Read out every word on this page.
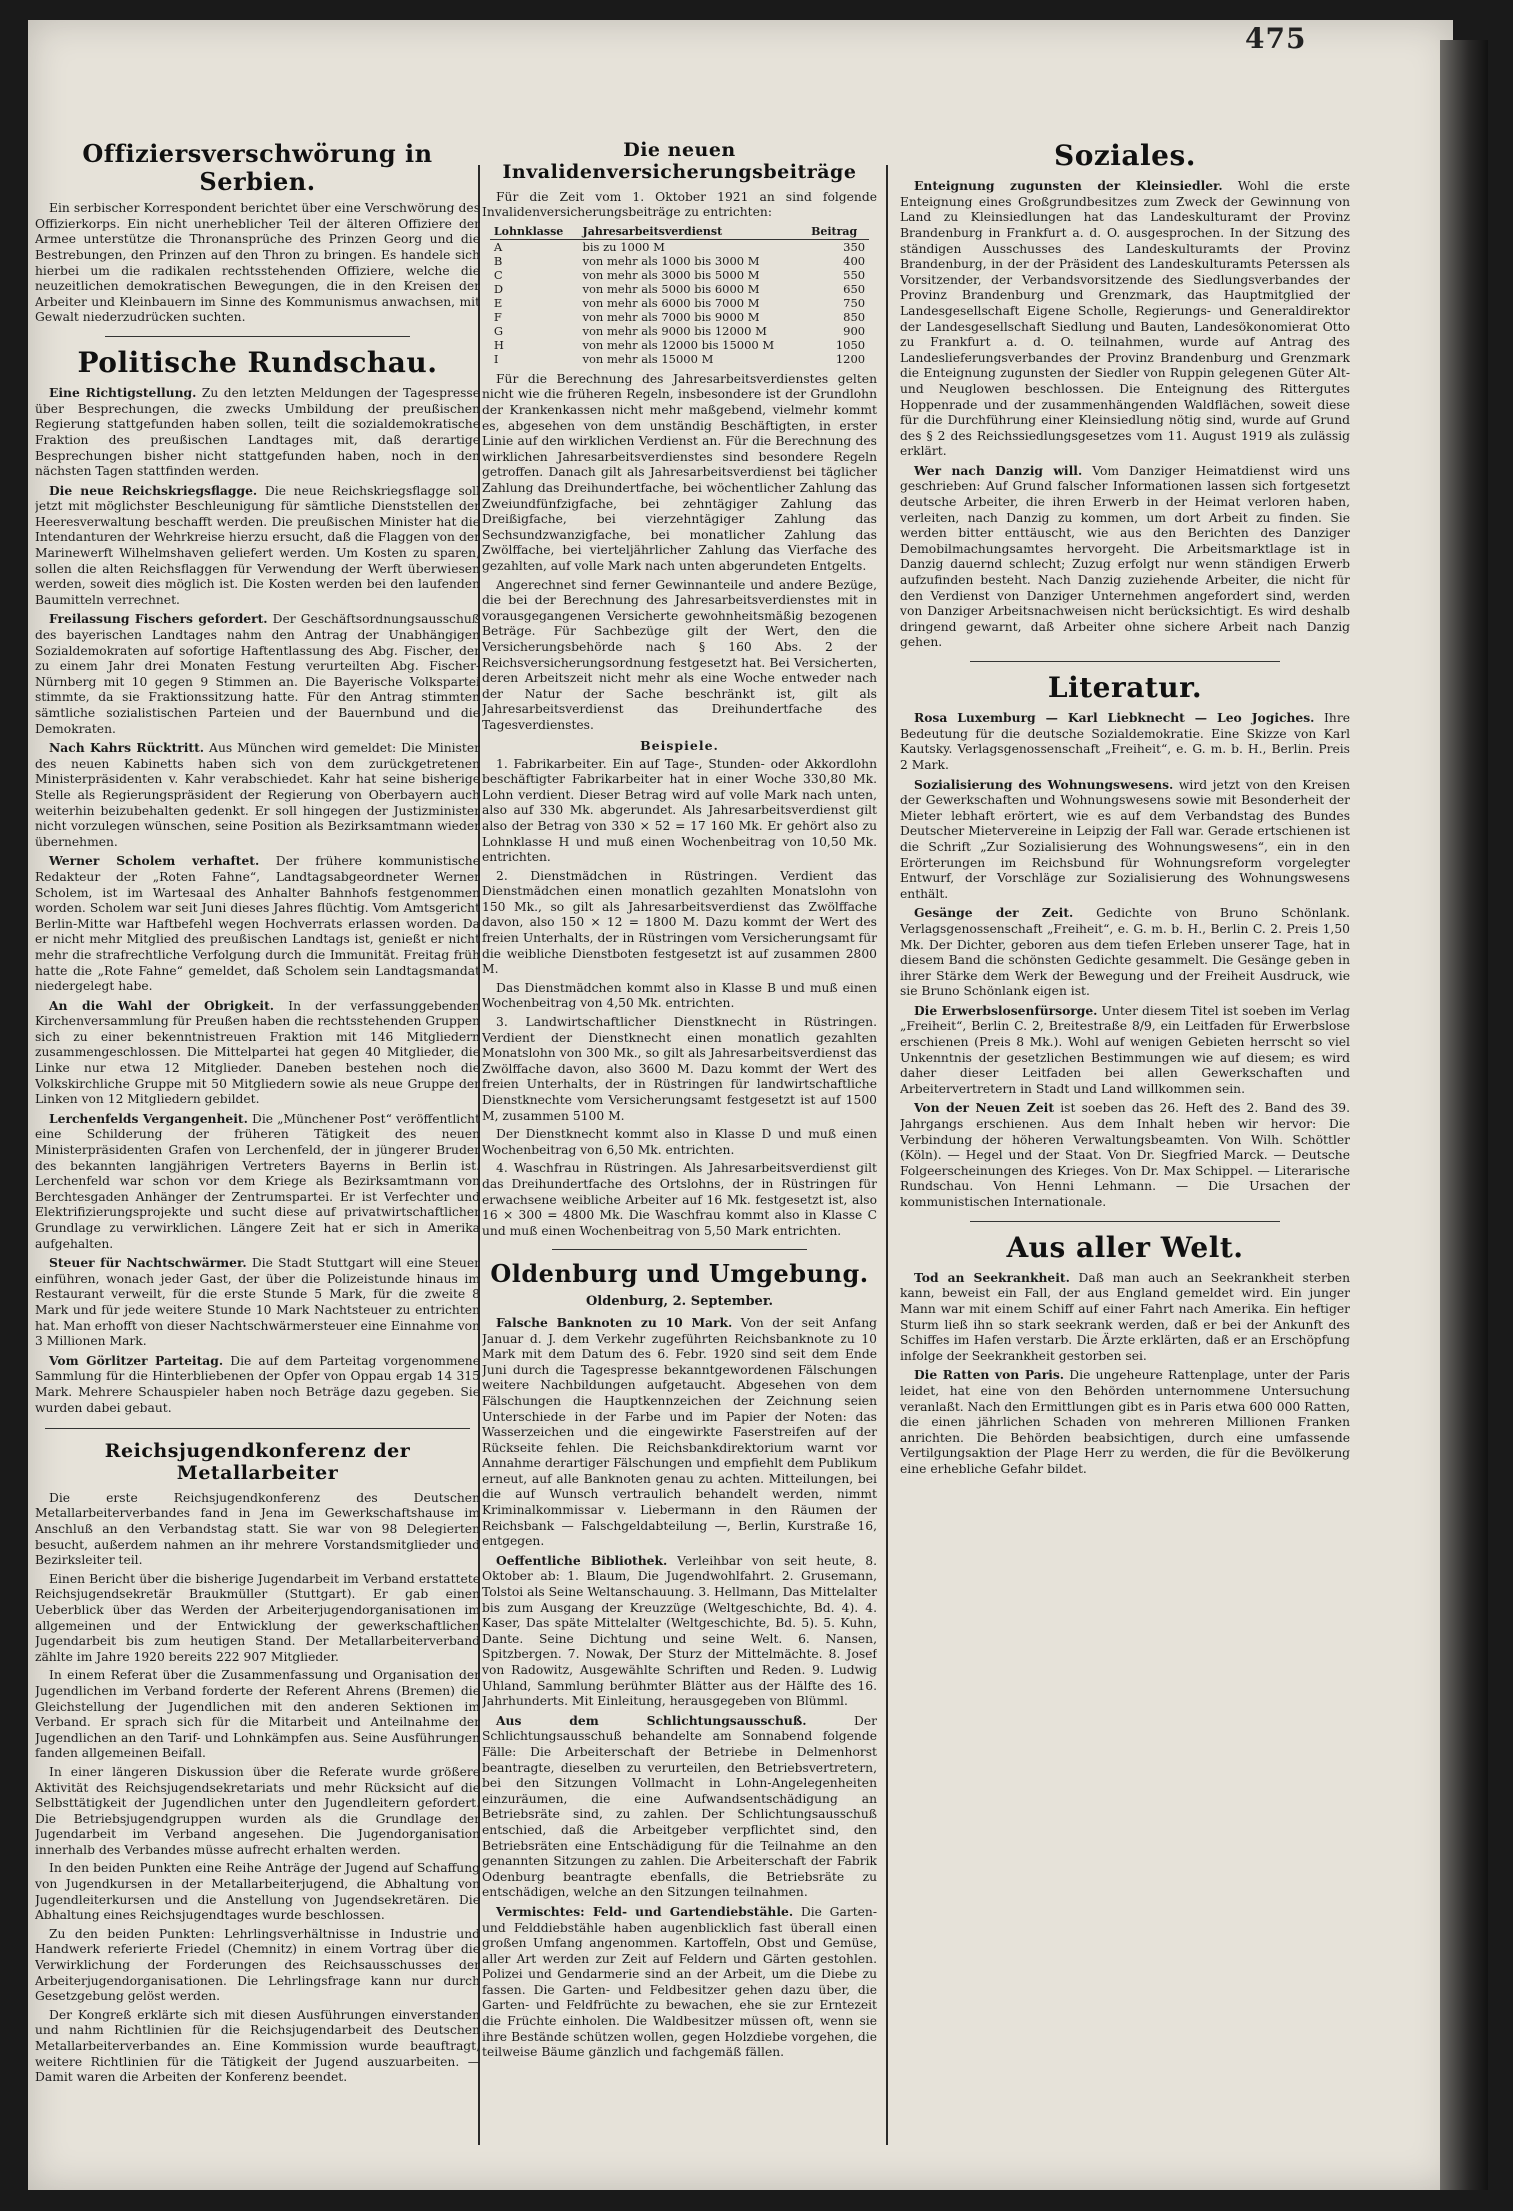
475
Offiziersverschwörung in Serbien.

Ein serbischer Korrespondent berichtet über eine Verschwörung des Offizierkorps. Ein nicht unerheblicher Teil der älteren Offiziere der Armee unterstütze die Thronansprüche des Prinzen Georg und die Bestrebungen, den Prinzen auf den Thron zu bringen. Es handele sich hierbei um die radikalen rechtsstehenden Offiziere, welche die neuzeitlichen demokratischen Bewegungen, die in den Kreisen der Arbeiter und Kleinbauern im Sinne des Kommunismus anwachsen, mit Gewalt niederzudrücken suchten.

Politische Rundschau.

Eine Richtigstellung. Zu den letzten Meldungen der Tagespresse über Besprechungen, die zwecks Umbildung der preußischen Regierung stattgefunden haben sollen, teilt die sozialdemokratische Fraktion des preußischen Landtages mit, daß derartige Besprechungen bisher nicht stattgefunden haben, noch in den nächsten Tagen stattfinden werden.

Die neue Reichskriegsflagge. Die neue Reichskriegsflagge soll jetzt mit möglichster Beschleunigung für sämtliche Dienststellen der Heeresverwaltung beschafft werden. Die preußischen Minister hat die Intendanturen der Wehrkreise hierzu ersucht, daß die Flaggen von der Marinewerft Wilhelmshaven geliefert werden. Um Kosten zu sparen, sollen die alten Reichsflaggen für Verwendung der Werft überwiesen werden, soweit dies möglich ist. Die Kosten werden bei den laufenden Baumitteln verrechnet.

Freilassung Fischers gefordert. Der Geschäftsordnungsausschuß des bayerischen Landtages nahm den Antrag der Unabhängigen Sozialdemokraten auf sofortige Haftentlassung des Abg. Fischer, der zu einem Jahr drei Monaten Festung verurteilten Abg. Fischer-Nürnberg mit 10 gegen 9 Stimmen an. Die Bayerische Volkspartei stimmte, da sie Fraktionssitzung hatte. Für den Antrag stimmten sämtliche sozialistischen Parteien und der Bauernbund und die Demokraten.

Nach Kahrs Rücktritt. Aus München wird gemeldet: Die Minister des neuen Kabinetts haben sich von dem zurückgetretenen Ministerpräsidenten v. Kahr verabschiedet. Kahr hat seine bisherige Stelle als Regierungspräsident der Regierung von Oberbayern auch weiterhin beizubehalten gedenkt. Er soll hingegen der Justizminister nicht vorzulegen wünschen, seine Position als Bezirksamtmann wieder übernehmen.

Werner Scholem verhaftet. Der frühere kommunistische Redakteur der „Roten Fahne“, Landtagsabgeordneter Werner Scholem, ist im Wartesaal des Anhalter Bahnhofs festgenommen worden. Scholem war seit Juni dieses Jahres flüchtig. Vom Amtsgericht Berlin-Mitte war Haftbefehl wegen Hochverrats erlassen worden. Da er nicht mehr Mitglied des preußischen Landtags ist, genießt er nicht mehr die strafrechtliche Verfolgung durch die Immunität. Freitag früh hatte die „Rote Fahne“ gemeldet, daß Scholem sein Landtagsmandat niedergelegt habe.

An die Wahl der Obrigkeit. In der verfassunggebenden Kirchenversammlung für Preußen haben die rechtsstehenden Gruppen sich zu einer bekenntnistreuen Fraktion mit 146 Mitgliedern zusammengeschlossen. Die Mittelpartei hat gegen 40 Mitglieder, die Linke nur etwa 12 Mitglieder. Daneben bestehen noch die Volkskirchliche Gruppe mit 50 Mitgliedern sowie als neue Gruppe der Linken von 12 Mitgliedern gebildet.

Lerchenfelds Vergangenheit. Die „Münchener Post“ veröffentlicht eine Schilderung der früheren Tätigkeit des neuen Ministerpräsidenten Grafen von Lerchenfeld, der in jüngerer Bruder des bekannten langjährigen Vertreters Bayerns in Berlin ist. Lerchenfeld war schon vor dem Kriege als Bezirksamtmann von Berchtesgaden Anhänger der Zentrumspartei. Er ist Verfechter und Elektrifizierungsprojekte und sucht diese auf privatwirtschaftlicher Grundlage zu verwirklichen. Längere Zeit hat er sich in Amerika aufgehalten.

Steuer für Nachtschwärmer. Die Stadt Stuttgart will eine Steuer einführen, wonach jeder Gast, der über die Polizeistunde hinaus im Restaurant verweilt, für die erste Stunde 5 Mark, für die zweite 8 Mark und für jede weitere Stunde 10 Mark Nachtsteuer zu entrichten hat. Man erhofft von dieser Nachtschwärmersteuer eine Einnahme von 3 Millionen Mark.

Vom Görlitzer Parteitag. Die auf dem Parteitag vorgenommene Sammlung für die Hinterbliebenen der Opfer von Oppau ergab 14 315 Mark. Mehrere Schauspieler haben noch Beträge dazu gegeben. Sie wurden dabei gebaut.

Reichsjugendkonferenz der Metallarbeiter

Die erste Reichsjugendkonferenz des Deutschen Metallarbeiterverbandes fand in Jena im Gewerkschaftshause im Anschluß an den Verbandstag statt. Sie war von 98 Delegierten besucht, außerdem nahmen an ihr mehrere Vorstandsmitglieder und Bezirksleiter teil.

Einen Bericht über die bisherige Jugendarbeit im Verband erstattete Reichsjugendsekretär Braukmüller (Stuttgart). Er gab einen Ueberblick über das Werden der Arbeiterjugendorganisationen im allgemeinen und der Entwicklung der gewerkschaftlichen Jugendarbeit bis zum heutigen Stand. Der Metallarbeiterverband zählte im Jahre 1920 bereits 222 907 Mitglieder.

In einem Referat über die Zusammenfassung und Organisation der Jugendlichen im Verband forderte der Referent Ahrens (Bremen) die Gleichstellung der Jugendlichen mit den anderen Sektionen im Verband. Er sprach sich für die Mitarbeit und Anteilnahme der Jugendlichen an den Tarif- und Lohnkämpfen aus. Seine Ausführungen fanden allgemeinen Beifall.

In einer längeren Diskussion über die Referate wurde größere Aktivität des Reichsjugendsekretariats und mehr Rücksicht auf die Selbsttätigkeit der Jugendlichen unter den Jugendleitern gefordert. Die Betriebsjugendgruppen wurden als die Grundlage der Jugendarbeit im Verband angesehen. Die Jugendorganisation innerhalb des Verbandes müsse aufrecht erhalten werden.

In den beiden Punkten eine Reihe Anträge der Jugend auf Schaffung von Jugendkursen in der Metallarbeiterjugend, die Abhaltung von Jugendleiterkursen und die Anstellung von Jugendsekretären. Die Abhaltung eines Reichsjugendtages wurde beschlossen.

Zu den beiden Punkten: Lehrlingsverhältnisse in Industrie und Handwerk referierte Friedel (Chemnitz) in einem Vortrag über die Verwirklichung der Forderungen des Reichsausschusses der Arbeiterjugendorganisationen. Die Lehrlingsfrage kann nur durch Gesetzgebung gelöst werden.

Der Kongreß erklärte sich mit diesen Ausführungen einverstanden und nahm Richtlinien für die Reichsjugendarbeit des Deutschen Metallarbeiterverbandes an. Eine Kommission wurde beauftragt, weitere Richtlinien für die Tätigkeit der Jugend auszuarbeiten. — Damit waren die Arbeiten der Konferenz beendet.

Die neuen Invalidenversicherungsbeiträge

Für die Zeit vom 1. Oktober 1921 an sind folgende Invalidenversicherungsbeiträge zu entrichten:

Lohnklasse	Jahresarbeitsverdienst	Beitrag
A	bis zu 1000 M	350
B	von mehr als 1000 bis 3000 M	400
C	von mehr als 3000 bis 5000 M	550
D	von mehr als 5000 bis 6000 M	650
E	von mehr als 6000 bis 7000 M	750
F	von mehr als 7000 bis 9000 M	850
G	von mehr als 9000 bis 12000 M	900
H	von mehr als 12000 bis 15000 M	1050
I	von mehr als 15000 M	1200

Für die Berechnung des Jahresarbeitsverdienstes gelten nicht wie die früheren Regeln, insbesondere ist der Grundlohn der Krankenkassen nicht mehr maßgebend, vielmehr kommt es, abgesehen von dem unständig Beschäftigten, in erster Linie auf den wirklichen Verdienst an. Für die Berechnung des wirklichen Jahresarbeitsverdienstes sind besondere Regeln getroffen. Danach gilt als Jahresarbeitsverdienst bei täglicher Zahlung das Dreihundertfache, bei wöchentlicher Zahlung das Zweiundfünfzigfache, bei zehntägiger Zahlung das Dreißigfache, bei vierzehntägiger Zahlung das Sechsundzwanzigfache, bei monatlicher Zahlung das Zwölffache, bei vierteljährlicher Zahlung das Vierfache des gezahlten, auf volle Mark nach unten abgerundeten Entgelts.

Angerechnet sind ferner Gewinnanteile und andere Bezüge, die bei der Berechnung des Jahresarbeitsverdienstes mit in vorausgegangenen Versicherte gewohnheitsmäßig bezogenen Beträge. Für Sachbezüge gilt der Wert, den die Versicherungsbehörde nach § 160 Abs. 2 der Reichsversicherungsordnung festgesetzt hat. Bei Versicherten, deren Arbeitszeit nicht mehr als eine Woche entweder nach der Natur der Sache beschränkt ist, gilt als Jahresarbeitsverdienst das Dreihundertfache des Tagesverdienstes.

Beispiele.

1. Fabrikarbeiter. Ein auf Tage-, Stunden- oder Akkordlohn beschäftigter Fabrikarbeiter hat in einer Woche 330,80 Mk. Lohn verdient. Dieser Betrag wird auf volle Mark nach unten, also auf 330 Mk. abgerundet. Als Jahresarbeitsverdienst gilt also der Betrag von 330 × 52 = 17 160 Mk. Er gehört also zu Lohnklasse H und muß einen Wochenbeitrag von 10,50 Mk. entrichten.

2. Dienstmädchen in Rüstringen. Verdient das Dienstmädchen einen monatlich gezahlten Monatslohn von 150 Mk., so gilt als Jahresarbeitsverdienst das Zwölffache davon, also 150 × 12 = 1800 M. Dazu kommt der Wert des freien Unterhalts, der in Rüstringen vom Versicherungsamt für die weibliche Dienstboten festgesetzt ist auf zusammen 2800 M.

Das Dienstmädchen kommt also in Klasse B und muß einen Wochenbeitrag von 4,50 Mk. entrichten.

3. Landwirtschaftlicher Dienstknecht in Rüstringen. Verdient der Dienstknecht einen monatlich gezahlten Monatslohn von 300 Mk., so gilt als Jahresarbeitsverdienst das Zwölffache davon, also 3600 M. Dazu kommt der Wert des freien Unterhalts, der in Rüstringen für landwirtschaftliche Dienstknechte vom Versicherungsamt festgesetzt ist auf 1500 M, zusammen 5100 M.

Der Dienstknecht kommt also in Klasse D und muß einen Wochenbeitrag von 6,50 Mk. entrichten.

4. Waschfrau in Rüstringen. Als Jahresarbeitsverdienst gilt das Dreihundertfache des Ortslohns, der in Rüstringen für erwachsene weibliche Arbeiter auf 16 Mk. festgesetzt ist, also 16 × 300 = 4800 Mk. Die Waschfrau kommt also in Klasse C und muß einen Wochenbeitrag von 5,50 Mark entrichten.

Oldenburg und Umgebung.
Oldenburg, 2. September.

Falsche Banknoten zu 10 Mark. Von der seit Anfang Januar d. J. dem Verkehr zugeführten Reichsbanknote zu 10 Mark mit dem Datum des 6. Febr. 1920 sind seit dem Ende Juni durch die Tagespresse bekanntgewordenen Fälschungen weitere Nachbildungen aufgetaucht. Abgesehen von dem Fälschungen die Hauptkennzeichen der Zeichnung seien Unterschiede in der Farbe und im Papier der Noten: das Wasserzeichen und die eingewirkte Faserstreifen auf der Rückseite fehlen. Die Reichsbankdirektorium warnt vor Annahme derartiger Fälschungen und empfiehlt dem Publikum erneut, auf alle Banknoten genau zu achten. Mitteilungen, bei die auf Wunsch vertraulich behandelt werden, nimmt Kriminalkommissar v. Liebermann in den Räumen der Reichsbank — Falschgeldabteilung —, Berlin, Kurstraße 16, entgegen.

Oeffentliche Bibliothek. Verleihbar von seit heute, 8. Oktober ab: 1. Blaum, Die Jugendwohlfahrt. 2. Grusemann, Tolstoi als Seine Weltanschauung. 3. Hellmann, Das Mittelalter bis zum Ausgang der Kreuzzüge (Weltgeschichte, Bd. 4). 4. Kaser, Das späte Mittelalter (Weltgeschichte, Bd. 5). 5. Kuhn, Dante. Seine Dichtung und seine Welt. 6. Nansen, Spitzbergen. 7. Nowak, Der Sturz der Mittelmächte. 8. Josef von Radowitz, Ausgewählte Schriften und Reden. 9. Ludwig Uhland, Sammlung berühmter Blätter aus der Hälfte des 16. Jahrhunderts. Mit Einleitung, herausgegeben von Blümml.

Aus dem Schlichtungsausschuß. Der Schlichtungsausschuß behandelte am Sonnabend folgende Fälle: Die Arbeiterschaft der Betriebe in Delmenhorst beantragte, dieselben zu verurteilen, den Betriebsvertretern, bei den Sitzungen Vollmacht in Lohn-Angelegenheiten einzuräumen, die eine Aufwandsentschädigung an Betriebsräte sind, zu zahlen. Der Schlichtungsausschuß entschied, daß die Arbeitgeber verpflichtet sind, den Betriebsräten eine Entschädigung für die Teilnahme an den genannten Sitzungen zu zahlen. Die Arbeiterschaft der Fabrik Odenburg beantragte ebenfalls, die Betriebsräte zu entschädigen, welche an den Sitzungen teilnahmen.

Vermischtes: Feld- und Gartendiebstähle. Die Garten- und Felddiebstähle haben augenblicklich fast überall einen großen Umfang angenommen. Kartoffeln, Obst und Gemüse, aller Art werden zur Zeit auf Feldern und Gärten gestohlen. Polizei und Gendarmerie sind an der Arbeit, um die Diebe zu fassen. Die Garten- und Feldbesitzer gehen dazu über, die Garten- und Feldfrüchte zu bewachen, ehe sie zur Erntezeit die Früchte einholen. Die Waldbesitzer müssen oft, wenn sie ihre Bestände schützen wollen, gegen Holzdiebe vorgehen, die teilweise Bäume gänzlich und fachgemäß fällen.

Soziales.

Enteignung zugunsten der Kleinsiedler. Wohl die erste Enteignung eines Großgrundbesitzes zum Zweck der Gewinnung von Land zu Kleinsiedlungen hat das Landeskulturamt der Provinz Brandenburg in Frankfurt a. d. O. ausgesprochen. In der Sitzung des ständigen Ausschusses des Landeskulturamts der Provinz Brandenburg, in der der Präsident des Landeskulturamts Peterssen als Vorsitzender, der Verbandsvorsitzende des Siedlungsverbandes der Provinz Brandenburg und Grenzmark, das Hauptmitglied der Landesgesellschaft Eigene Scholle, Regierungs- und Generaldirektor der Landesgesellschaft Siedlung und Bauten, Landesökonomierat Otto zu Frankfurt a. d. O. teilnahmen, wurde auf Antrag des Landeslieferungsverbandes der Provinz Brandenburg und Grenzmark die Enteignung zugunsten der Siedler von Ruppin gelegenen Güter Alt- und Neuglowen beschlossen. Die Enteignung des Rittergutes Hoppenrade und der zusammenhängenden Waldflächen, soweit diese für die Durchführung einer Kleinsiedlung nötig sind, wurde auf Grund des § 2 des Reichssiedlungsgesetzes vom 11. August 1919 als zulässig erklärt.

Wer nach Danzig will. Vom Danziger Heimatdienst wird uns geschrieben: Auf Grund falscher Informationen lassen sich fortgesetzt deutsche Arbeiter, die ihren Erwerb in der Heimat verloren haben, verleiten, nach Danzig zu kommen, um dort Arbeit zu finden. Sie werden bitter enttäuscht, wie aus den Berichten des Danziger Demobilmachungsamtes hervorgeht. Die Arbeitsmarktlage ist in Danzig dauernd schlecht; Zuzug erfolgt nur wenn ständigen Erwerb aufzufinden besteht. Nach Danzig zuziehende Arbeiter, die nicht für den Verdienst von Danziger Unternehmen angefordert sind, werden von Danziger Arbeitsnachweisen nicht berücksichtigt. Es wird deshalb dringend gewarnt, daß Arbeiter ohne sichere Arbeit nach Danzig gehen.

Literatur.

Rosa Luxemburg — Karl Liebknecht — Leo Jogiches. Ihre Bedeutung für die deutsche Sozialdemokratie. Eine Skizze von Karl Kautsky. Verlagsgenossenschaft „Freiheit“, e. G. m. b. H., Berlin. Preis 2 Mark.

Sozialisierung des Wohnungswesens. wird jetzt von den Kreisen der Gewerkschaften und Wohnungswesens sowie mit Besonderheit der Mieter lebhaft erörtert, wie es auf dem Verbandstag des Bundes Deutscher Mietervereine in Leipzig der Fall war. Gerade ertschienen ist die Schrift „Zur Sozialisierung des Wohnungswesens“, ein in den Erörterungen im Reichsbund für Wohnungsreform vorgelegter Entwurf, der Vorschläge zur Sozialisierung des Wohnungswesens enthält.

Gesänge der Zeit. Gedichte von Bruno Schönlank. Verlagsgenossenschaft „Freiheit“, e. G. m. b. H., Berlin C. 2. Preis 1,50 Mk. Der Dichter, geboren aus dem tiefen Erleben unserer Tage, hat in diesem Band die schönsten Gedichte gesammelt. Die Gesänge geben in ihrer Stärke dem Werk der Bewegung und der Freiheit Ausdruck, wie sie Bruno Schönlank eigen ist.

Die Erwerbslosenfürsorge. Unter diesem Titel ist soeben im Verlag „Freiheit“, Berlin C. 2, Breitestraße 8/9, ein Leitfaden für Erwerbslose erschienen (Preis 8 Mk.). Wohl auf wenigen Gebieten herrscht so viel Unkenntnis der gesetzlichen Bestimmungen wie auf diesem; es wird daher dieser Leitfaden bei allen Gewerkschaften und Arbeitervertretern in Stadt und Land willkommen sein.

Von der Neuen Zeit ist soeben das 26. Heft des 2. Band des 39. Jahrgangs erschienen. Aus dem Inhalt heben wir hervor: Die Verbindung der höheren Verwaltungsbeamten. Von Wilh. Schöttler (Köln). — Hegel und der Staat. Von Dr. Siegfried Marck. — Deutsche Folgeerscheinungen des Krieges. Von Dr. Max Schippel. — Literarische Rundschau. Von Henni Lehmann. — Die Ursachen der kommunistischen Internationale.

Aus aller Welt.

Tod an Seekrankheit. Daß man auch an Seekrankheit sterben kann, beweist ein Fall, der aus England gemeldet wird. Ein junger Mann war mit einem Schiff auf einer Fahrt nach Amerika. Ein heftiger Sturm ließ ihn so stark seekrank werden, daß er bei der Ankunft des Schiffes im Hafen verstarb. Die Ärzte erklärten, daß er an Erschöpfung infolge der Seekrankheit gestorben sei.

Die Ratten von Paris. Die ungeheure Rattenplage, unter der Paris leidet, hat eine von den Behörden unternommene Untersuchung veranlaßt. Nach den Ermittlungen gibt es in Paris etwa 600 000 Ratten, die einen jährlichen Schaden von mehreren Millionen Franken anrichten. Die Behörden beabsichtigen, durch eine umfassende Vertilgungsaktion der Plage Herr zu werden, die für die Bevölkerung eine erhebliche Gefahr bildet.
